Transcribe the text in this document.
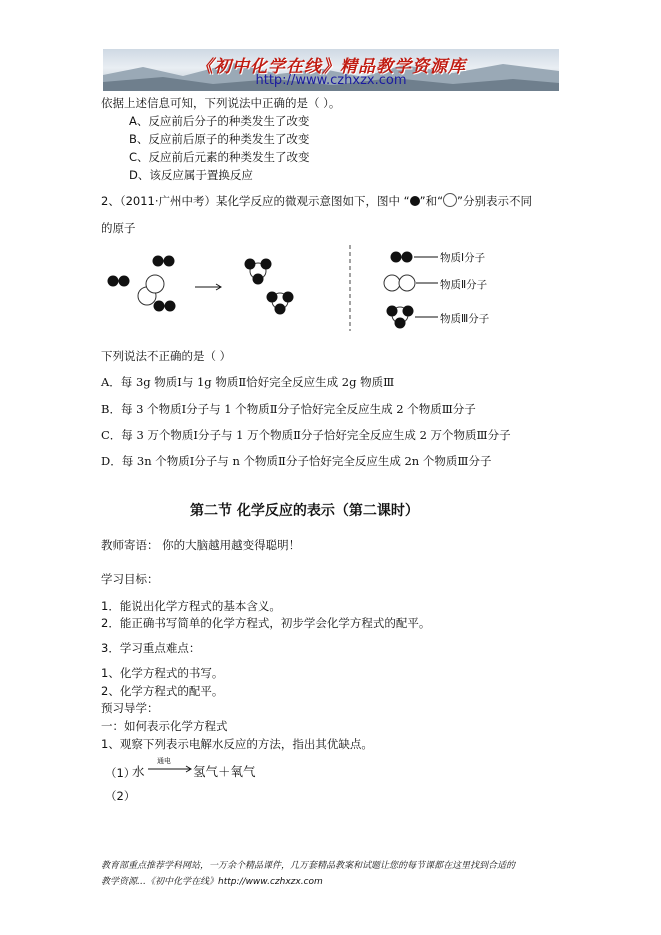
《初中化学在线》精品教学资源库
http://www.czhxzx.com
依据上述信息可知，下列说法中正确的是（ ）。
A、反应前后分子的种类发生了改变
B、反应前后原子的种类发生了改变
C、反应前后元素的种类发生了改变
D、该反应属于置换反应
2、（2011·广州中考）某化学反应的微观示意图如下，图中 “ ”和“ ”分别表示不同
的原子
物质Ⅰ分子
物质Ⅱ分子
物质Ⅲ分子
下列说法不正确的是（ ）
A．每 3g 物质Ⅰ与 1g 物质Ⅱ恰好完全反应生成 2g 物质Ⅲ
B．每 3 个物质Ⅰ分子与 1 个物质Ⅱ分子恰好完全反应生成 2 个物质Ⅲ分子
C．每 3 万个物质Ⅰ分子与 1 万个物质Ⅱ分子恰好完全反应生成 2 万个物质Ⅲ分子
D．每 3n 个物质Ⅰ分子与 n 个物质Ⅱ分子恰好完全反应生成 2n 个物质Ⅲ分子
第二节 化学反应的表示（第二课时）
教师寄语： 你的大脑越用越变得聪明！
学习目标：
1．能说出化学方程式的基本含义。
2．能正确书写简单的化学方程式，初步学会化学方程式的配平。
3．学习重点难点：
1、化学方程式的书写。
2、化学方程式的配平。
预习导学：
一：如何表示化学方程式
1、观察下列表示电解水反应的方法，指出其优缺点。
（1）
水
通电
氢气＋氧气
（2）
教育部重点推荐学科网站，一万余个精品课件，几万套精品教案和试题让您的每节课都在这里找到合适的
教学资源…《初中化学在线》http://www.czhxzx.com
